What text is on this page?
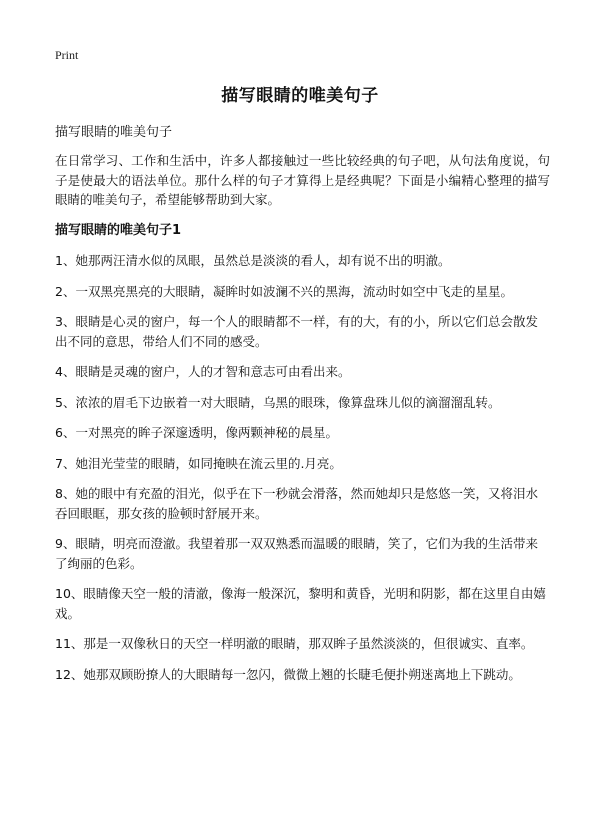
Print
描写眼睛的唯美句子

描写眼睛的唯美句子

在日常学习、工作和生活中，许多人都接触过一些比较经典的句子吧，从句法角度说，句子是使最大的语法单位。那什么样的句子才算得上是经典呢？下面是小编精心整理的描写眼睛的唯美句子，希望能够帮助到大家。

描写眼睛的唯美句子1

1、她那两汪清水似的凤眼，虽然总是淡淡的看人，却有说不出的明澈。

2、一双黑亮黑亮的大眼睛，凝眸时如波澜不兴的黑海，流动时如空中飞走的星星。

3、眼睛是心灵的窗户，每一个人的眼睛都不一样，有的大，有的小，所以它们总会散发出不同的意思，带给人们不同的感受。

4、眼睛是灵魂的窗户，人的才智和意志可由看出来。

5、浓浓的眉毛下边嵌着一对大眼睛，乌黑的眼珠，像算盘珠儿似的滴溜溜乱转。

6、一对黑亮的眸子深邃透明，像两颗神秘的晨星。

7、她泪光莹莹的眼睛，如同掩映在流云里的.月亮。

8、她的眼中有充盈的泪光，似乎在下一秒就会滑落，然而她却只是悠悠一笑，又将泪水吞回眼眶，那女孩的脸顿时舒展开来。

9、眼睛，明亮而澄澈。我望着那一双双熟悉而温暖的眼睛，笑了，它们为我的生活带来了绚丽的色彩。

10、眼睛像天空一般的清澈，像海一般深沉，黎明和黄昏，光明和阴影，都在这里自由嬉戏。

11、那是一双像秋日的天空一样明澈的眼睛，那双眸子虽然淡淡的，但很诚实、直率。

12、她那双顾盼撩人的大眼睛每一忽闪，微微上翘的长睫毛便扑朔迷离地上下跳动。
